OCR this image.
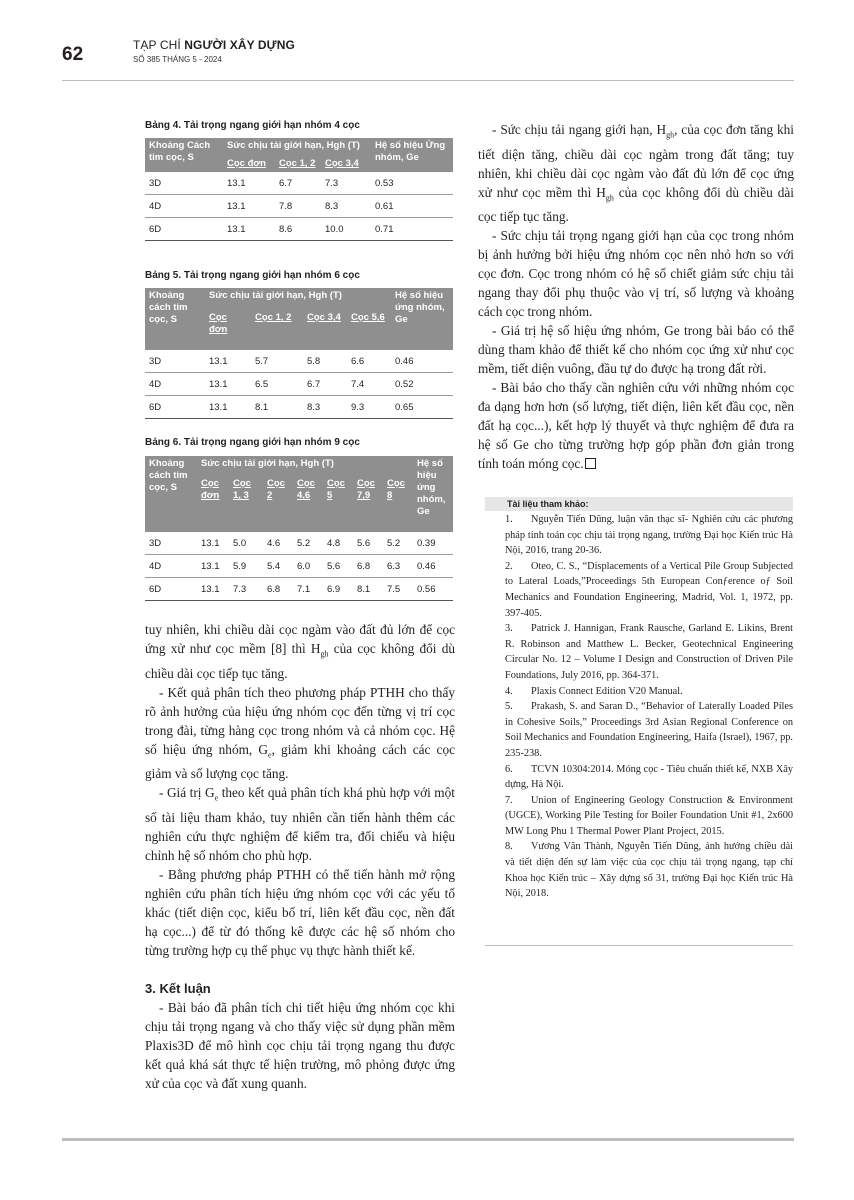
62	TẠP CHÍ NGƯỜI XÂY DỰNG
SỐ 385 THÁNG 5 - 2024
Bảng 4. Tải trọng ngang giới hạn nhóm 4 cọc
Khoảng Cách tim cọc, S	Sức chịu tải giới hạn, Hgh (T)			Hệ số hiệu Ứng nhóm, Ge
	Cọc đơn	Cọc 1, 2	Cọc 3,4	
3D	13.1	6.7	7.3	0.53
4D	13.1	7.8	8.3	0.61
6D	13.1	8.6	10.0	0.71
Bảng 5. Tải trọng ngang giới hạn nhóm 6 cọc
Khoảng cách tim cọc, S	Sức chịu tải giới hạn, Hgh (T)				Hệ số hiệu ứng nhóm, Ge
	Cọc đơn	Cọc 1, 2	Cọc 3,4	Cọc 5,6	
3D	13.1	5.7	5.8	6.6	0.46
4D	13.1	6.5	6.7	7.4	0.52
6D	13.1	8.1	8.3	9.3	0.65
Bảng 6. Tải trọng ngang giới hạn nhóm 9 cọc
Khoảng cách tim cọc, S	Sức chịu tải giới hạn, Hgh (T)							Hệ số hiệu ứng nhóm, Ge
	Cọc đơn	Cọc 1, 3	Cọc 2	Cọc 4,6	Cọc 5	Cọc 7,9	Cọc 8	
3D	13.1	5.0	4.6	5.2	4.8	5.6	5.2	0.39
4D	13.1	5.9	5.4	6.0	5.6	6.8	6.3	0.46
6D	13.1	7.3	6.8	7.1	6.9	8.1	7.5	0.56

tuy nhiên, khi chiều dài cọc ngàm vào đất đủ lớn để cọc ứng xử như cọc mềm [8] thì $H_{gh}$ của cọc không đổi dù chiều dài cọc tiếp tục tăng.

- Kết quả phân tích theo phương pháp PTHH cho thấy rõ ảnh hưởng của hiệu ứng nhóm cọc đến từng vị trí cọc trong đài, từng hàng cọc trong nhóm và cả nhóm cọc. Hệ số hiệu ứng nhóm, $G_e$, giảm khi khoảng cách các cọc giảm và số lượng cọc tăng.

- Giá trị $G_e$ theo kết quả phân tích khá phù hợp với một số tài liệu tham khảo, tuy nhiên cần tiến hành thêm các nghiên cứu thực nghiệm để kiểm tra, đối chiếu và hiệu chỉnh hệ số nhóm cho phù hợp.

- Bằng phương pháp PTHH có thể tiến hành mở rộng nghiên cứu phân tích hiệu ứng nhóm cọc với các yếu tố khác (tiết diện cọc, kiểu bố trí, liên kết đầu cọc, nền đất hạ cọc...) để từ đó thống kê được các hệ số nhóm cho từng trường hợp cụ thể phục vụ thực hành thiết kế.

3. Kết luận

- Bài báo đã phân tích chi tiết hiệu ứng nhóm cọc khi chịu tải trọng ngang và cho thấy việc sử dụng phần mềm Plaxis3D để mô hình cọc chịu tải trọng ngang thu được kết quả khá sát thực tế hiện trường, mô phỏng được ứng xử của cọc và đất xung quanh.

- Sức chịu tải ngang giới hạn, $H_{gh}$, của cọc đơn tăng khi tiết diện tăng, chiều dài cọc ngàm trong đất tăng; tuy nhiên, khi chiều dài cọc ngàm vào đất đủ lớn để cọc ứng xử như cọc mềm thì $H_{gh}$ của cọc không đổi dù chiều dài cọc tiếp tục tăng.

- Sức chịu tải trọng ngang giới hạn của cọc trong nhóm bị ảnh hưởng bởi hiệu ứng nhóm cọc nên nhỏ hơn so với cọc đơn. Cọc trong nhóm có hệ số chiết giảm sức chịu tải ngang thay đổi phụ thuộc vào vị trí, số lượng và khoảng cách cọc trong nhóm.

- Giá trị hệ số hiệu ứng nhóm, Ge trong bài báo có thể dùng tham khảo để thiết kế cho nhóm cọc ứng xử như cọc mềm, tiết diện vuông, đầu tự do được hạ trong đất rời.

- Bài báo cho thấy cần nghiên cứu với những nhóm cọc đa dạng hơn hơn (số lượng, tiết diện, liên kết đầu cọc, nền đất hạ cọc...), kết hợp lý thuyết và thực nghiệm để đưa ra hệ số Ge cho từng trường hợp góp phần đơn giản trong tính toán móng cọc.

Tài liệu tham khảo:

1. Nguyễn Tiến Dũng, luận văn thạc sĩ- Nghiên cứu các phương pháp tính toán cọc chịu tải trọng ngang, trường Đại học Kiến trúc Hà Nội, 2016, trang 20-36.

2. Oteo, C. S., “Displacements of a Vertical Pile Group Subjected to Lateral Loads,”Proceedings 5th European Conƒerence oƒ Soil Mechanics and Foundation Engineering, Madrid, Vol. 1, 1972, pp. 397-405.

3. Patrick J. Hannigan, Frank Rausche, Garland E. Likins, Brent R. Robinson and Matthew L. Becker, Geotechnical Engineering Circular No. 12 – Volume I Design and Construction of Driven Pile Foundations, July 2016, pp. 364-371.

4. Plaxis Connect Edition V20 Manual.

5. Prakash, S. and Saran D., “Behavior of Laterally Loaded Piles in Cohesive Soils,” Proceedings 3rd Asian Regional Conference on Soil Mechanics and Foundation Engineering, Haifa (Israel), 1967, pp. 235-238.

6. TCVN 10304:2014. Móng cọc - Tiêu chuẩn thiết kế, NXB Xây dựng, Hà Nội.

7. Union of Engineering Geology Construction & Environment (UGCE), Working Pile Testing for Boiler Foundation Unit #1, 2x600 MW Long Phu 1 Thermal Power Plant Project, 2015.

8. Vương Văn Thành, Nguyễn Tiến Dũng, ảnh hưởng chiều dài và tiết diện đến sự làm việc của cọc chịu tải trọng ngang, tạp chí Khoa học Kiến trúc – Xây dựng số 31, trường Đại học Kiến trúc Hà Nội, 2018.
